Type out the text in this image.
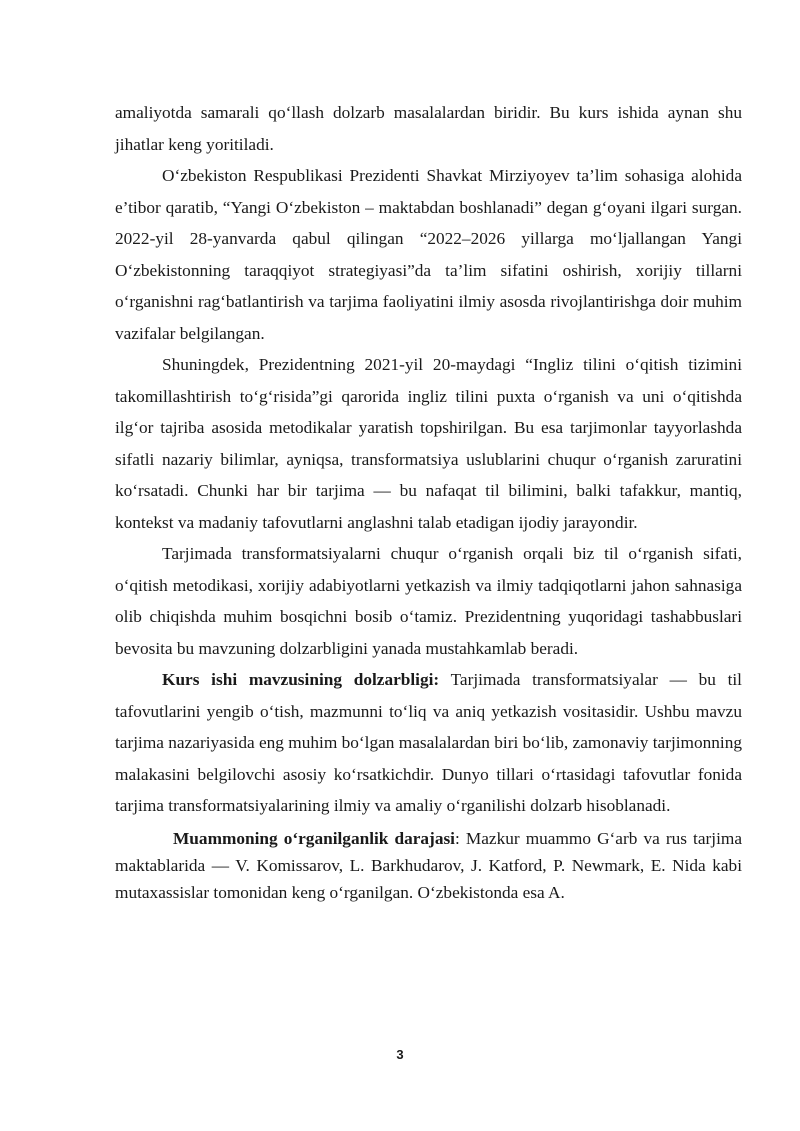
amaliyotda samarali qo‘llash dolzarb masalalardan biridir. Bu kurs ishida aynan shu jihatlar keng yoritiladi.

O‘zbekiston Respublikasi Prezidenti Shavkat Mirziyoyev ta’lim sohasiga alohida e’tibor qaratib, “Yangi O‘zbekiston – maktabdan boshlanadi” degan g‘oyani ilgari surgan. 2022-yil 28-yanvarda qabul qilingan “2022–2026 yillarga mo‘ljallangan Yangi O‘zbekistonning taraqqiyot strategiyasi”da ta’lim sifatini oshirish, xorijiy tillarni o‘rganishni rag‘batlantirish va tarjima faoliyatini ilmiy asosda rivojlantirishga doir muhim vazifalar belgilangan.

Shuningdek, Prezidentning 2021-yil 20-maydagi “Ingliz tilini o‘qitish tizimini takomillashtirish to‘g‘risida”gi qarorida ingliz tilini puxta o‘rganish va uni o‘qitishda ilg‘or tajriba asosida metodikalar yaratish topshirilgan. Bu esa tarjimonlar tayyorlashda sifatli nazariy bilimlar, ayniqsa, transformatsiya uslublarini chuqur o‘rganish zaruratini ko‘rsatadi. Chunki har bir tarjima — bu nafaqat til bilimini, balki tafakkur, mantiq, kontekst va madaniy tafovutlarni anglashni talab etadigan ijodiy jarayondir.

Tarjimada transformatsiyalarni chuqur o‘rganish orqali biz til o‘rganish sifati, o‘qitish metodikasi, xorijiy adabiyotlarni yetkazish va ilmiy tadqiqotlarni jahon sahnasiga olib chiqishda muhim bosqichni bosib o‘tamiz. Prezidentning yuqoridagi tashabbuslari bevosita bu mavzuning dolzarbligini yanada mustahkamlab beradi.

Kurs ishi mavzusining dolzarbligi: Tarjimada transformatsiyalar — bu til tafovutlarini yengib o‘tish, mazmunni to‘liq va aniq yetkazish vositasidir. Ushbu mavzu tarjima nazariyasida eng muhim bo‘lgan masalalardan biri bo‘lib, zamonaviy tarjimonning malakasini belgilovchi asosiy ko‘rsatkichdir. Dunyo tillari o‘rtasidagi tafovutlar fonida tarjima transformatsiyalarining ilmiy va amaliy o‘rganilishi dolzarb hisoblanadi.

Muammoning o‘rganilganlik darajasi: Mazkur muammo G‘arb va rus tarjima maktablarida — V. Komissarov, L. Barkhudarov, J. Katford, P. Newmark, E. Nida kabi mutaxassislar tomonidan keng o‘rganilgan. O‘zbekistonda esa A.

3
